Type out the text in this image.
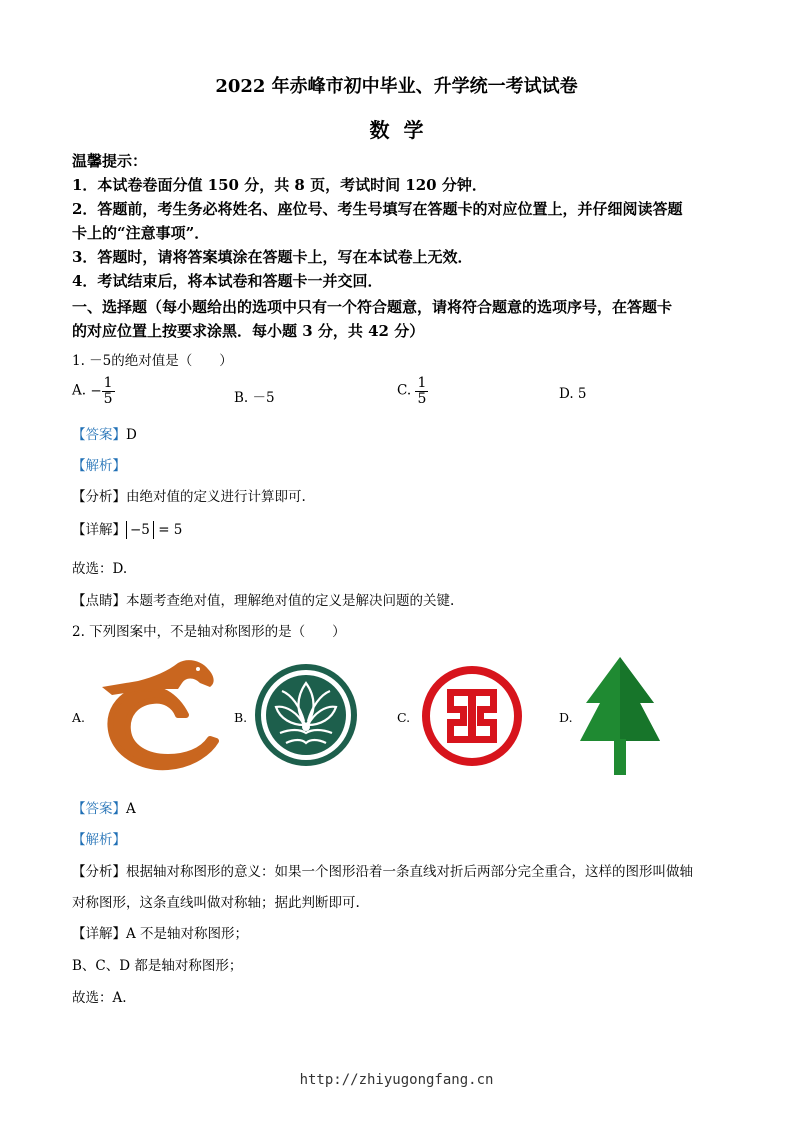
2022 年赤峰市初中毕业、升学统一考试试卷
数学
温馨提示：
1．本试卷卷面分值 150 分，共 8 页，考试时间 120 分钟．
2．答题前，考生务必将姓名、座位号、考生号填写在答题卡的对应位置上，并仔细阅读答题
卡上的“注意事项”．
3．答题时，请将答案填涂在答题卡上，写在本试卷上无效．
4．考试结束后，将本试卷和答题卡一并交回．
一、选择题（每小题给出的选项中只有一个符合题意，请将符合题意的选项序号，在答题卡
的对应位置上按要求涂黑．每小题 3 分，共 42 分）
1. －5的绝对值是（　　）
A. − $\frac{1}{5}$	B. －5	C. $\frac{1}{5}$	D. 5
【答案】D
【解析】
【分析】由绝对值的定义进行计算即可.
【详解】 −5 = 5
故选：D.
【点睛】本题考查绝对值，理解绝对值的定义是解决问题的关键.
2. 下列图案中，不是轴对称图形的是（　　）
A.	B.	C.	D.
【答案】A
【解析】
【分析】根据轴对称图形的意义：如果一个图形沿着一条直线对折后两部分完全重合，这样的图形叫做轴
对称图形，这条直线叫做对称轴；据此判断即可.
【详解】A 不是轴对称图形；
B、C、D 都是轴对称图形；
故选：A.
http://zhiyugongfang.cn
